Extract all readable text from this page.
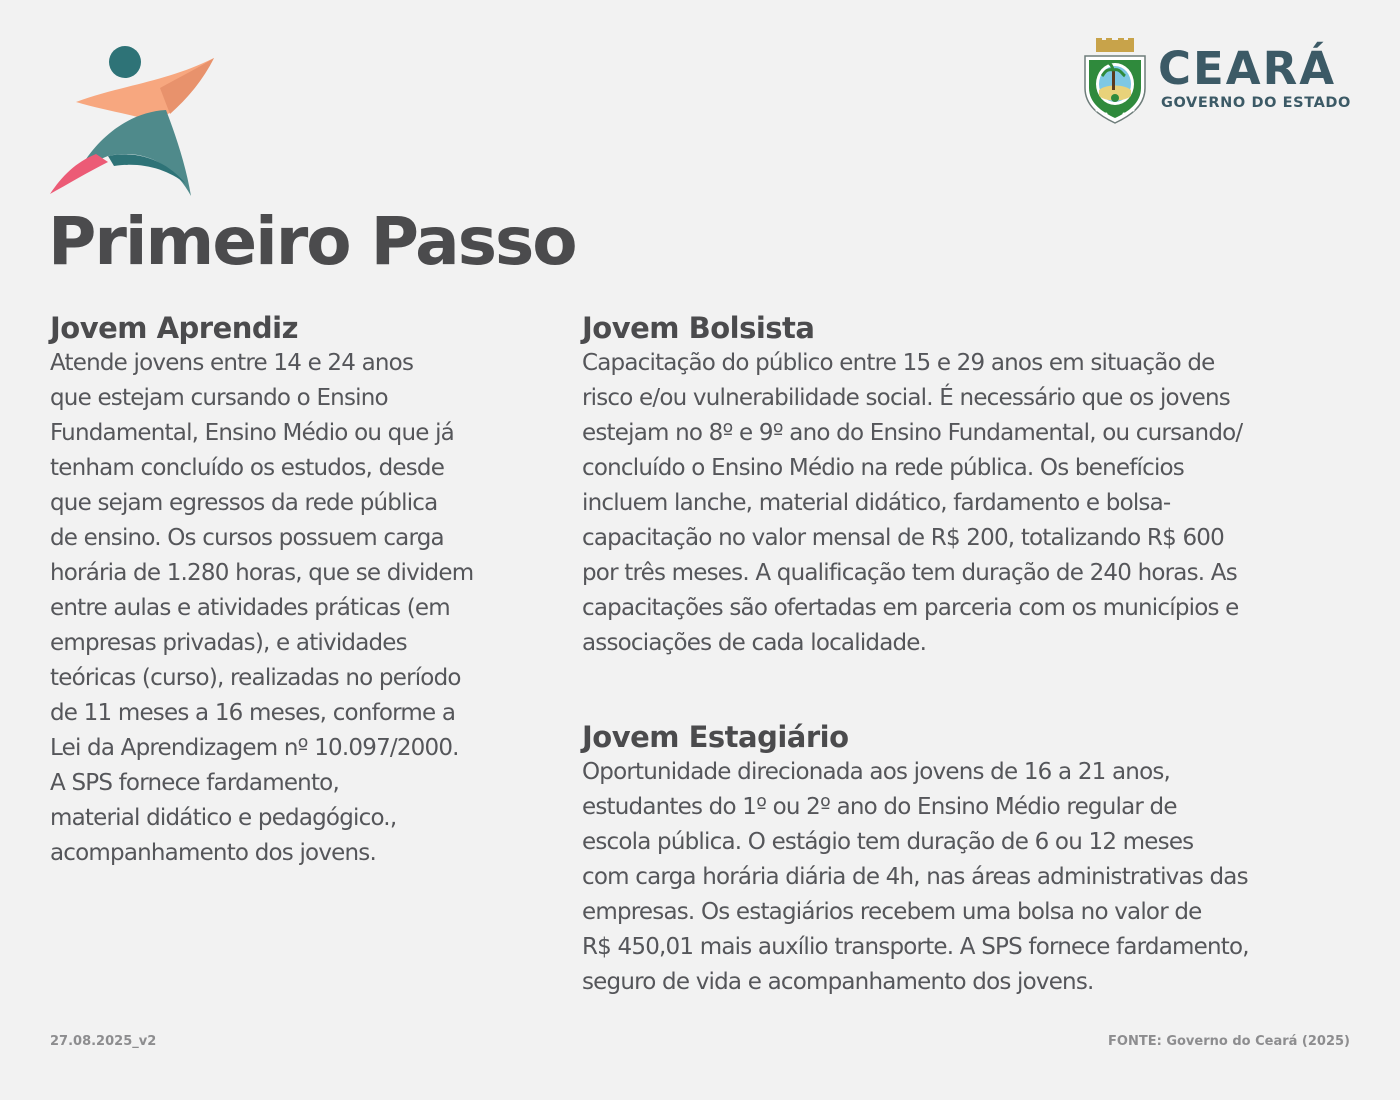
CEARÁ
GOVERNO DO ESTADO
Primeiro Passo
Jovem Aprendiz

Atende jovens entre 14 e 24 anos
que estejam cursando o Ensino
Fundamental, Ensino Médio ou que já
tenham concluído os estudos, desde
que sejam egressos da rede pública
de ensino. Os cursos possuem carga
horária de 1.280 horas, que se dividem
entre aulas e atividades práticas (em
empresas privadas), e atividades
teóricas (curso), realizadas no período
de 11 meses a 16 meses, conforme a
Lei da Aprendizagem nº 10.097/2000.
A SPS fornece fardamento,
material didático e pedagógico.,
acompanhamento dos jovens.

Jovem Bolsista

Capacitação do público entre 15 e 29 anos em situação de
risco e/ou vulnerabilidade social. É necessário que os jovens
estejam no 8º e 9º ano do Ensino Fundamental, ou cursando/
concluído o Ensino Médio na rede pública. Os benefícios
incluem lanche, material didático, fardamento e bolsa-
capacitação no valor mensal de R$ 200, totalizando R$ 600
por três meses. A qualificação tem duração de 240 horas. As
capacitações são ofertadas em parceria com os municípios e
associações de cada localidade.

Jovem Estagiário

Oportunidade direcionada aos jovens de 16 a 21 anos,
estudantes do 1º ou 2º ano do Ensino Médio regular de
escola pública. O estágio tem duração de 6 ou 12 meses
com carga horária diária de 4h, nas áreas administrativas das
empresas. Os estagiários recebem uma bolsa no valor de
R$ 450,01 mais auxílio transporte. A SPS fornece fardamento,
seguro de vida e acompanhamento dos jovens.

27.08.2025_v2	FONTE: Governo do Ceará (2025)
